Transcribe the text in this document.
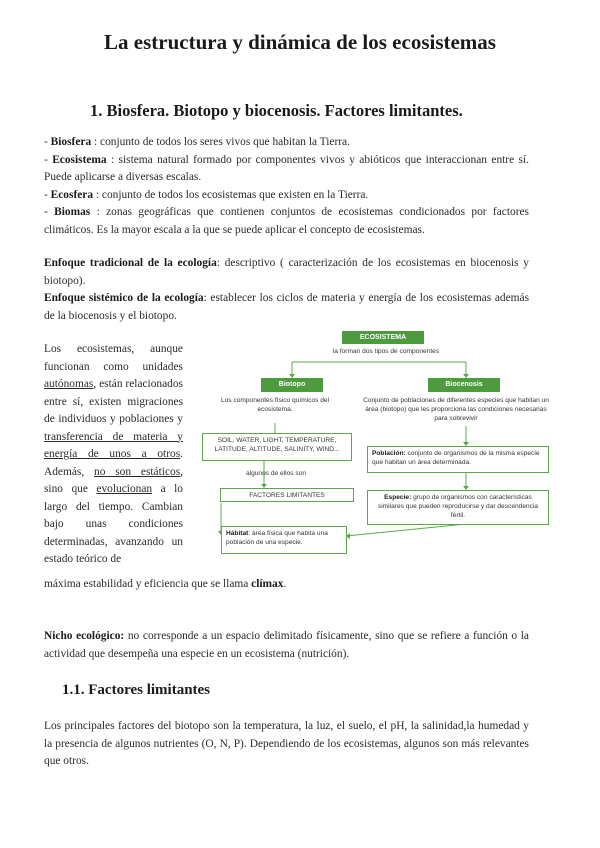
La estructura y dinámica de los ecosistemas
1. Biosfera. Biotopo y biocenosis. Factores limitantes.

- Biosfera : conjunto de todos los seres vivos que habitan la Tierra.
- Ecosistema : sistema natural formado por componentes vivos y abióticos que interaccionan entre sí. Puede aplicarse a diversas escalas.
- Ecosfera : conjunto de todos los ecosistemas que existen en la Tierra.
- Biomas : zonas geográficas que contienen conjuntos de ecosistemas condicionados por factores climáticos. Es la mayor escala a la que se puede aplicar el concepto de ecosistemas.

Enfoque tradicional de la ecología: descriptivo ( caracterización de los ecosistemas en biocenosis y biotopo).
Enfoque sistémico de la ecología: establecer los ciclos de materia y energía de los ecosistemas además de la biocenosis y el biotopo.

Los ecosistemas, aunque funcionan como unidades autónomas, están relacionados entre sí, existen migraciones de individuos y poblaciones y transferencia de materia y energía de unos a otros. Además, no son estáticos, sino que evolucionan a lo largo del tiempo. Cambian bajo unas condiciones determinadas, avanzando un estado teórico de

máxima estabilidad y eficiencia que se llama clímax.

ECOSISTEMA
la forman dos tipos de componentes
Biotopo
Los componentes físico químicos del ecosistema.
SOIL, WATER, LIGHT, TEMPERATURE, LATITUDE, ALTITUDE, SALINITY, WIND...
algunos de ellos son
FACTORES LIMITANTES
Hábitat: área física que habita una población de una especie.
Biocenosis
Conjunto de poblaciones de diferentes especies que habitan un área (biotopo) que les proporciona las condiciones necesarias para sobrevivir
Población: conjunto de organismos de la misma especie que habitan un área determinada.
Especie: grupo de organismos con características similares que pueden reproducirse y dar descendencia fértil.

Nicho ecológico: no corresponde a un espacio delimitado físicamente, sino que se refiere a función o la actividad que desempeña una especie en un ecosistema (nutrición).

1.1. Factores limitantes

Los principales factores del biotopo son la temperatura, la luz, el suelo, el pH, la salinidad,la humedad y la presencia de algunos nutrientes (O, N, P). Dependiendo de los ecosistemas, algunos son más relevantes que otros.
